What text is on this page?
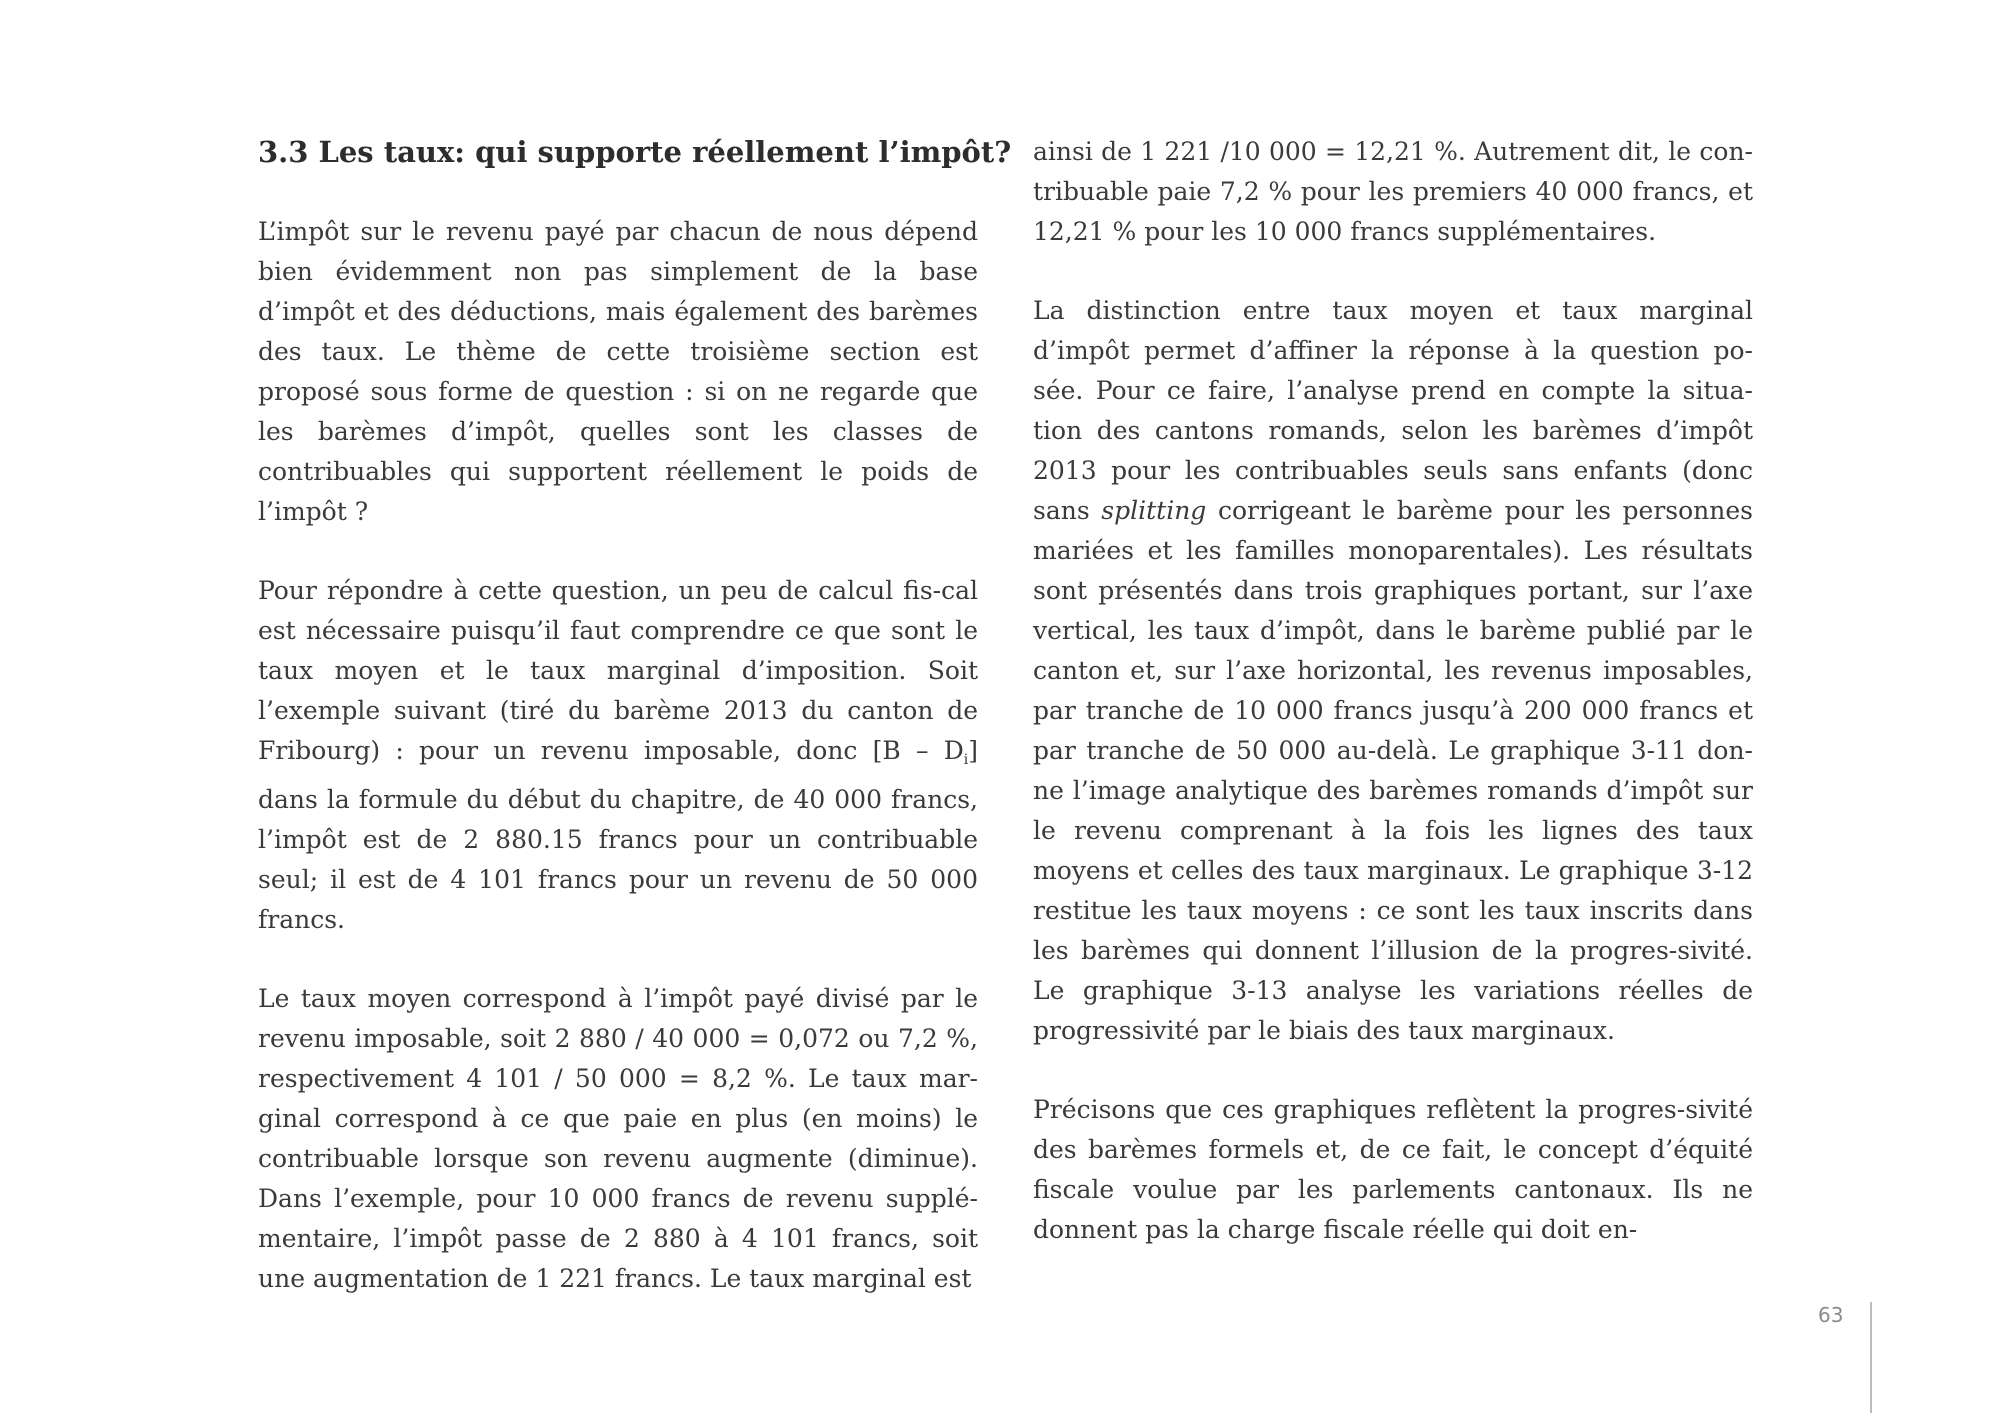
3.3 Les taux: qui supporte réellement l’impôt?

L’impôt sur le revenu payé par chacun de nous dépend bien évidemment non pas simplement de la base d’impôt et des déductions, mais également des barèmes des taux. Le thème de cette troisième section est proposé sous forme de question : si on ne regarde que les barèmes d’impôt, quelles sont les classes de contribuables qui supportent réellement le poids de l’impôt ?

Pour répondre à cette question, un peu de calcul fis-cal est nécessaire puisqu’il faut comprendre ce que sont le taux moyen et le taux marginal d’imposition. Soit l’exemple suivant (tiré du barème 2013 du canton de Fribourg) : pour un revenu imposable, donc $[B - D_i]$ dans la formule du début du chapitre, de 40 000 francs, l’impôt est de 2 880.15 francs pour un contribuable seul; il est de 4 101 francs pour un revenu de 50 000 francs.

Le taux moyen correspond à l’impôt payé divisé par le revenu imposable, soit 2 880 / 40 000 = 0,072 ou 7,2 %, respectivement 4 101 / 50 000 = 8,2 %. Le taux mar-ginal correspond à ce que paie en plus (en moins) le contribuable lorsque son revenu augmente (diminue). Dans l’exemple, pour 10 000 francs de revenu supplé-mentaire, l’impôt passe de 2 880 à 4 101 francs, soit une augmentation de 1 221 francs. Le taux marginal est

ainsi de 1 221 /10 000 = 12,21 %. Autrement dit, le con-tribuable paie 7,2 % pour les premiers 40 000 francs, et 12,21 % pour les 10 000 francs supplémentaires.

La distinction entre taux moyen et taux marginal d’impôt permet d’affiner la réponse à la question po-sée. Pour ce faire, l’analyse prend en compte la situa-tion des cantons romands, selon les barèmes d’impôt 2013 pour les contribuables seuls sans enfants (donc sans splitting corrigeant le barème pour les personnes mariées et les familles monoparentales). Les résultats sont présentés dans trois graphiques portant, sur l’axe vertical, les taux d’impôt, dans le barème publié par le canton et, sur l’axe horizontal, les revenus imposables, par tranche de 10 000 francs jusqu’à 200 000 francs et par tranche de 50 000 au-delà. Le graphique 3-11 don-ne l’image analytique des barèmes romands d’impôt sur le revenu comprenant à la fois les lignes des taux moyens et celles des taux marginaux. Le graphique 3-12 restitue les taux moyens : ce sont les taux inscrits dans les barèmes qui donnent l’illusion de la progres-sivité. Le graphique 3-13 analyse les variations réelles de progressivité par le biais des taux marginaux.

Précisons que ces graphiques reflètent la progres-sivité des barèmes formels et, de ce fait, le concept d’équité fiscale voulue par les parlements cantonaux. Ils ne donnent pas la charge fiscale réelle qui doit en-

63
